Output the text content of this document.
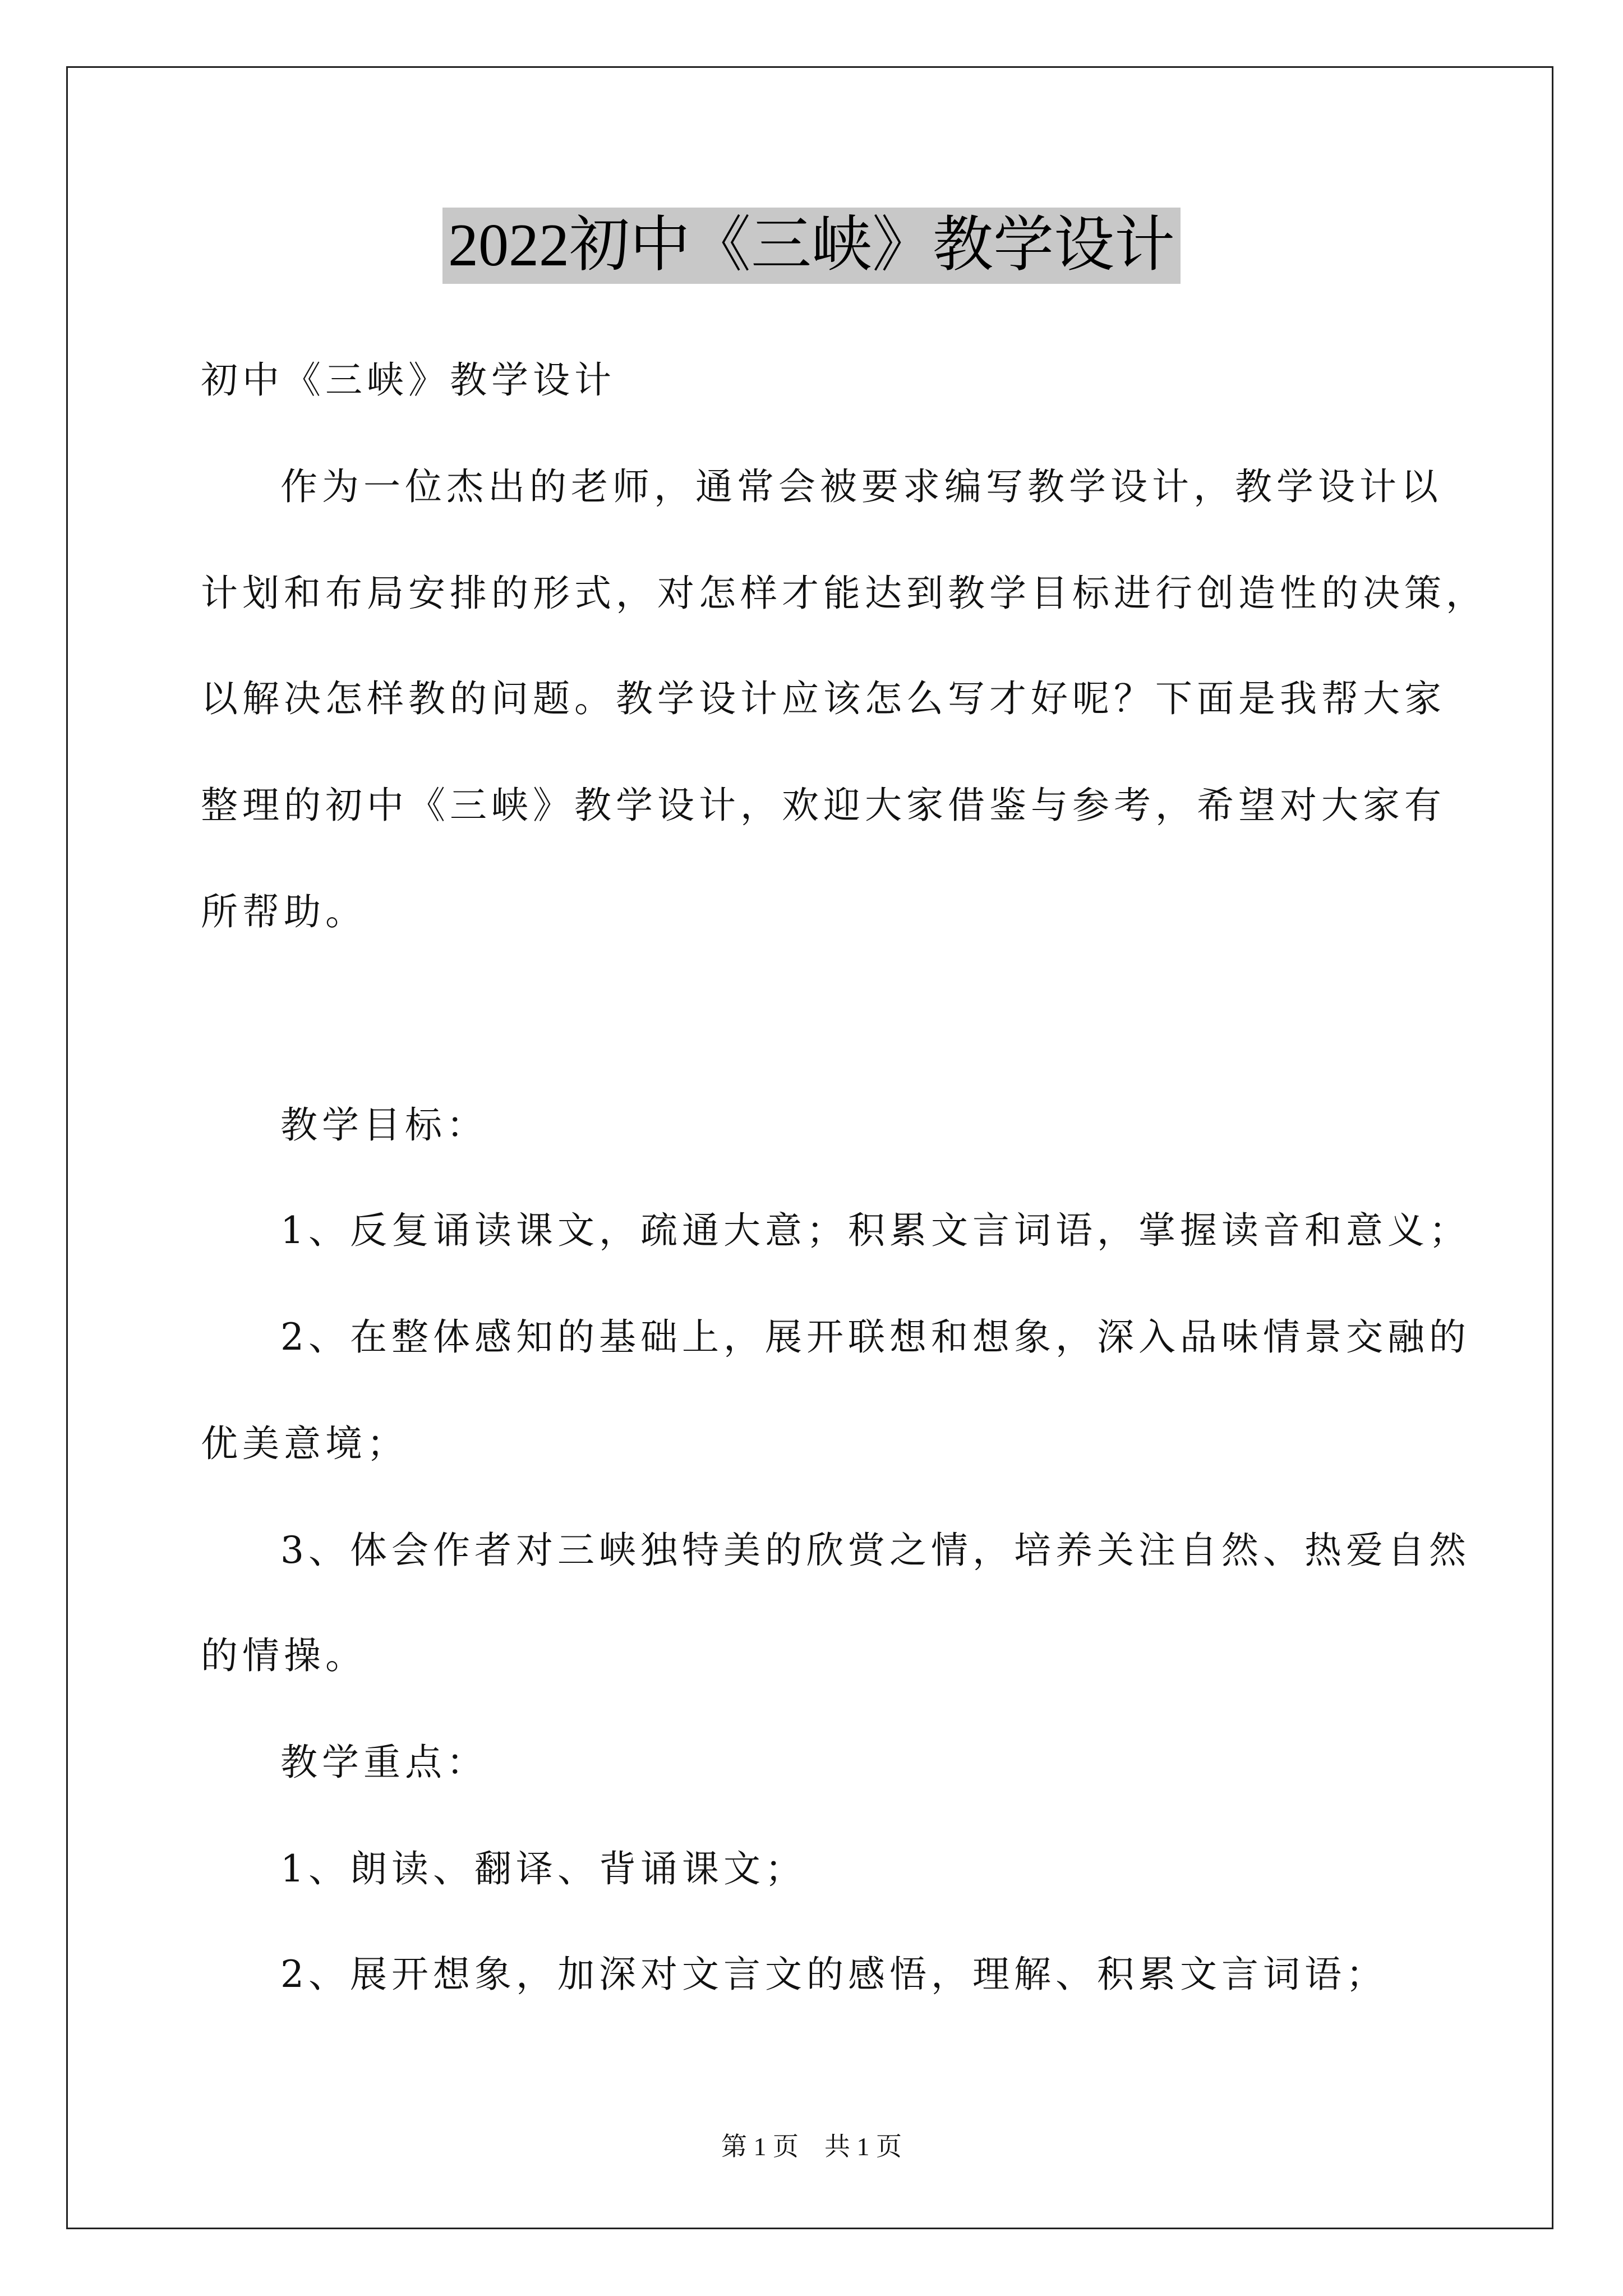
2022初中《三峡》教学设计
初中《三峡》教学设计
作为一位杰出的老师，通常会被要求编写教学设计，教学设计以
计划和布局安排的形式，对怎样才能达到教学目标进行创造性的决策，
以解决怎样教的问题。教学设计应该怎么写才好呢？下面是我帮大家
整理的初中《三峡》教学设计，欢迎大家借鉴与参考，希望对大家有
所帮助。
教学目标：
1、反复诵读课文，疏通大意；积累文言词语，掌握读音和意义；
2、在整体感知的基础上，展开联想和想象，深入品味情景交融的
优美意境；
3、体会作者对三峡独特美的欣赏之情，培养关注自然、热爱自然
的情操。
教学重点：
1、朗读、翻译、背诵课文；
2、展开想象，加深对文言文的感悟，理解、积累文言词语；
第 1 页　共 1 页
